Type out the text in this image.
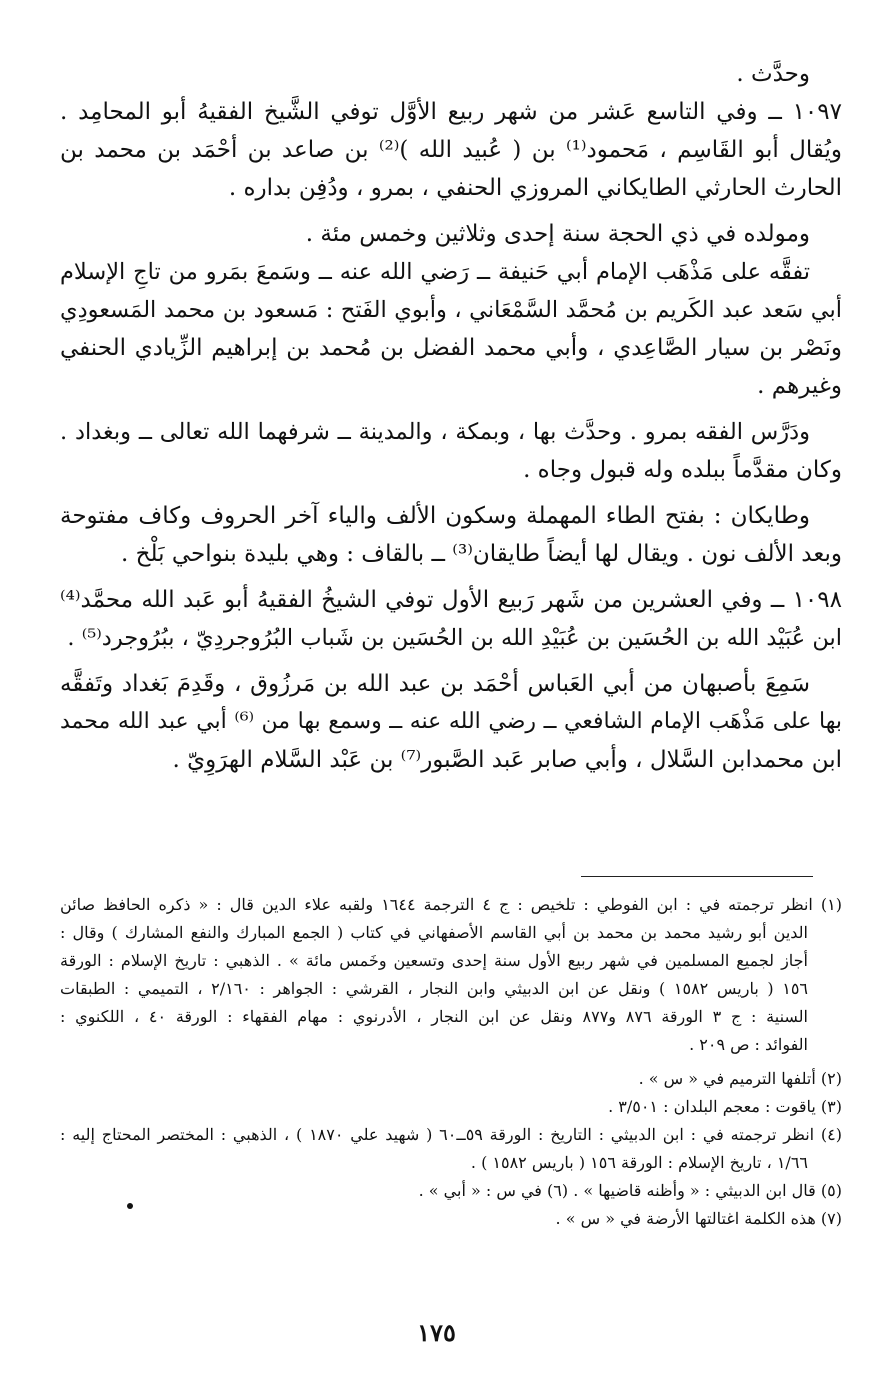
وحدَّث .
١٠٩٧ ــ وفي التاسع عَشر من شهر ربيع الأوَّل توفي الشَّيخ الفقيهُ أبو المحامِد .
ويُقال أبو القَاسِم ، مَحمود⁽¹⁾ بن ( عُبيد الله )⁽²⁾ بن صاعد بن أحْمَد بن محمد بن
الحارث الحارثي الطايكاني المروزي الحنفي ، بمرو ، ودُفِن بداره .
ومولده في ذي الحجة سنة إحدى وثلاثين وخمس مئة .
تفقَّه على مَذْهَب الإمام أبي حَنيفة ــ رَضي الله عنه ــ وسَمعَ بمَرو من تاجِ الإسلام
أبي سَعد عبد الكَريم بن مُحمَّد السَّمْعَاني ، وأبوي الفَتح : مَسعود بن محمد المَسعودِي
ونَصْر بن سيار الصَّاعِدي ، وأبي محمد الفضل بن مُحمد بن إبراهيم الزِّيادي الحنفي
وغيرهم .
ودَرَّس الفقه بمرو . وحدَّث بها ، وبمكة ، والمدينة ــ شرفهما الله تعالى ــ وبغداد .
وكان مقدَّماً ببلده وله قبول وجاه .
وطايكان : بفتح الطاء المهملة وسكون الألف والياء آخر الحروف وكاف مفتوحة
وبعد الألف نون . ويقال لها أيضاً طايقان⁽³⁾ ــ بالقاف : وهي بليدة بنواحي بَلْخ .
١٠٩٨ ــ وفي العشرين من شَهر رَبيع الأول توفي الشيخُ الفقيهُ أبو عَبد الله محمَّد⁽⁴⁾
ابن عُبَيْد الله بن الحُسَين بن عُبَيْدِ الله بن الحُسَين بن شَباب البُرُوجردِيّ ، ببُرُوجرد⁽⁵⁾ .
سَمِعَ بأصبهان من أبي العَباس أحْمَد بن عبد الله بن مَرزُوق ، وقَدِمَ بَغداد وتَفقَّه
بها على مَذْهَب الإمام الشافعي ــ رضي الله عنه ــ وسمع بها من ⁽⁶⁾ أبي عبد الله محمد
ابن محمدابن السَّلال ، وأبي صابر عَبد الصَّبور⁽⁷⁾ بن عَبْد السَّلام الهرَوِيّ .
(١) انظر ترجمته في : ابن الفوطي : تلخيص : ج ٤ الترجمة ١٦٤٤ ولقبه علاء الدين قال : « ذكره الحافظ صائن
الدين أبو رشيد محمد بن محمد بن أبي القاسم الأصفهاني في كتاب ( الجمع المبارك والنفع المشارك ) وقال :
أجاز لجميع المسلمين في شهر ربيع الأول سنة إحدى وتسعين وخَمس مائة » . الذهبي : تاريخ الإسلام : الورقة
١٥٦ ( باريس ١٥٨٢ ) ونقل عن ابن الدبيثي وابن النجار ، القرشي : الجواهر : ٢/١٦٠ ، التميمي : الطبقات
السنية : ج ٣ الورقة ٨٧٦ و٨٧٧ ونقل عن ابن النجار ، الأدرنوي : مهام الفقهاء : الورقة ٤٠ ، اللكنوي :
الفوائد : ص ٢٠٩ .
(٢) أتلفها الترميم في « س » .
(٣) ياقوت : معجم البلدان : ٣/٥٠١ .
(٤) انظر ترجمته في : ابن الدبيثي : التاريخ : الورقة ٥٩ــ٦٠ ( شهيد علي ١٨٧٠ ) ، الذهبي : المختصر المحتاج إليه :
١/٦٦ ، تاريخ الإسلام : الورقة ١٥٦ ( باريس ١٥٨٢ ) .
(٥) قال ابن الدبيثي : « وأظنه قاضيها » . (٦) في س : « أبي » .
(٧) هذه الكلمة اغتالتها الأرضة في « س » .
١٧٥
